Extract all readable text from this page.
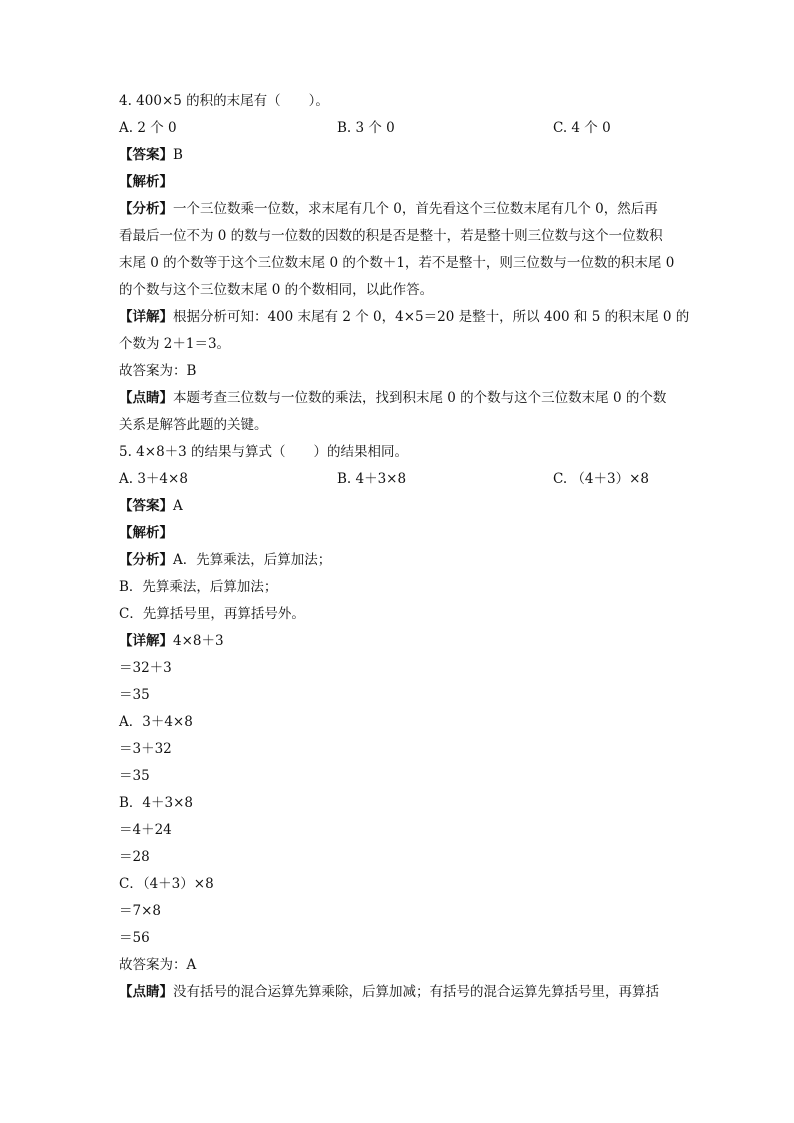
4. 400×5 的积的末尾有（ ）。
A. 2 个 0	B. 3 个 0	C. 4 个 0
【答案】B
【解析】
【分析】一个三位数乘一位数，求末尾有几个 0，首先看这个三位数末尾有几个 0，然后再
看最后一位不为 0 的数与一位数的因数的积是否是整十，若是整十则三位数与这个一位数积
末尾 0 的个数等于这个三位数末尾 0 的个数＋1，若不是整十，则三位数与一位数的积末尾 0
的个数与这个三位数末尾 0 的个数相同，以此作答。
【详解】根据分析可知：400 末尾有 2 个 0，4×5＝20 是整十，所以 400 和 5 的积末尾 0 的
个数为 2＋1＝3。
故答案为：B
【点睛】本题考查三位数与一位数的乘法，找到积末尾 0 的个数与这个三位数末尾 0 的个数
关系是解答此题的关键。
5. 4×8＋3 的结果与算式（ ）的结果相同。
A. 3＋4×8	B. 4＋3×8	C. （4＋3）×8
【答案】A
【解析】
【分析】A．先算乘法，后算加法；
B．先算乘法，后算加法；
C．先算括号里，再算括号外。
【详解】4×8＋3
＝32＋3
＝35
A．3＋4×8
＝3＋32
＝35
B．4＋3×8
＝4＋24
＝28
C．（4＋3）×8
＝7×8
＝56
故答案为：A
【点睛】没有括号的混合运算先算乘除，后算加减；有括号的混合运算先算括号里，再算括
